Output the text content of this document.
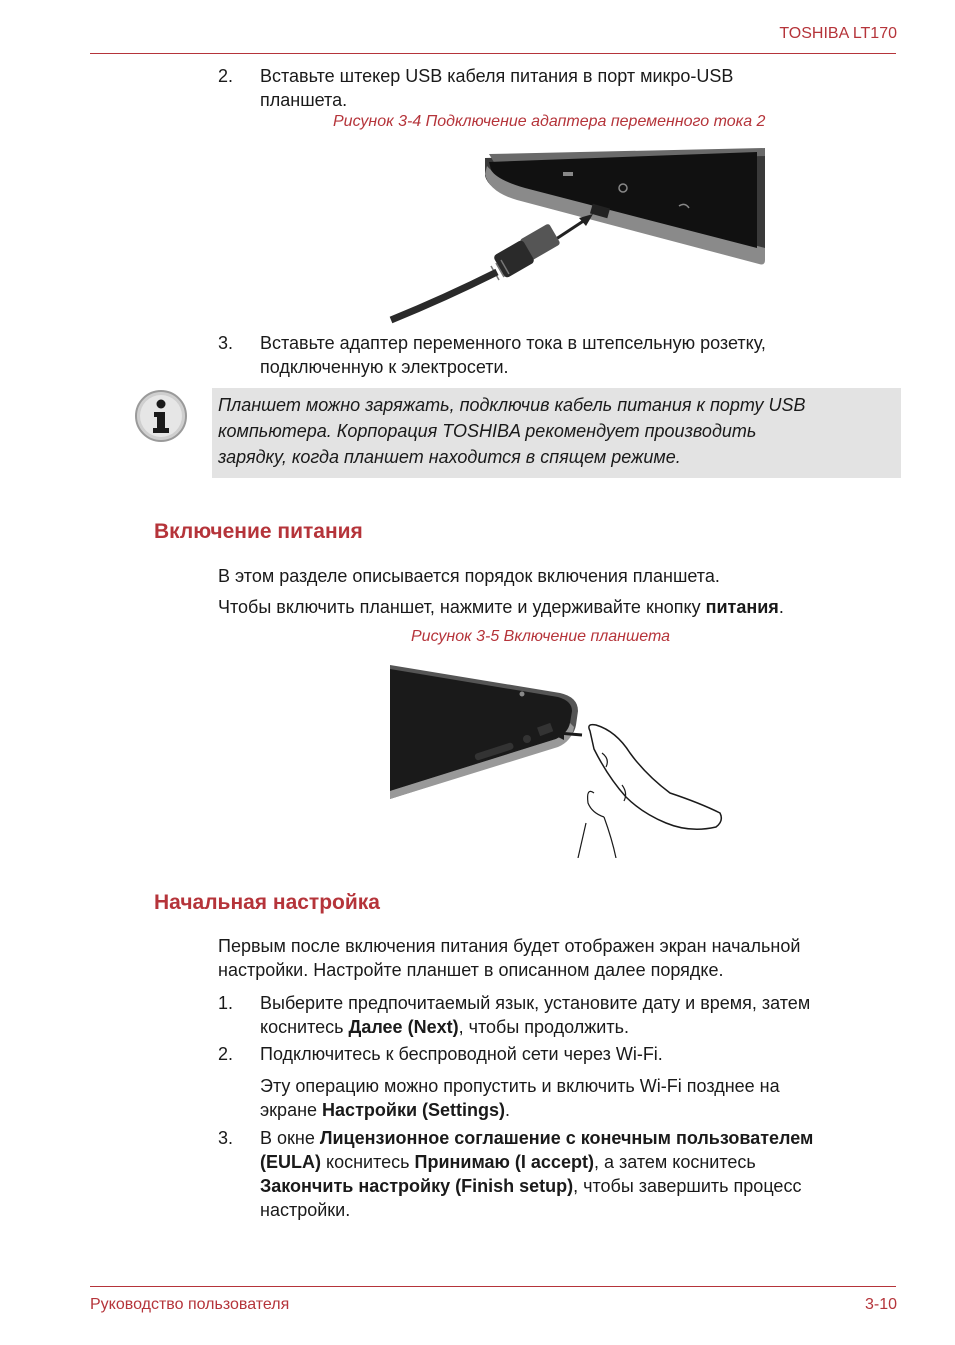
TOSHIBA LT170
2. Вставьте штекер USB кабеля питания в порт микро-USB
планшета.
Рисунок 3-4 Подключение адаптера переменного тока 2
3. Вставьте адаптер переменного тока в штепсельную розетку,
подключенную к электросети.
Планшет можно заряжать, подключив кабель питания к порту USB
компьютера. Корпорация TOSHIBA рекомендует производить
зарядку, когда планшет находится в спящем режиме.
Включение питания
В этом разделе описывается порядок включения планшета.
Чтобы включить планшет, нажмите и удерживайте кнопку питания.
Рисунок 3-5 Включение планшета
Начальная настройка
Первым после включения питания будет отображен экран начальной
настройки. Настройте планшет в описанном далее порядке.
1. Выберите предпочитаемый язык, установите дату и время, затем
коснитесь Далее (Next), чтобы продолжить.
2. Подключитесь к беспроводной сети через Wi-Fi.
Эту операцию можно пропустить и включить Wi-Fi позднее на
экране Настройки (Settings).
3. В окне Лицензионное соглашение с конечным пользователем
(EULA) коснитесь Принимаю (I accept), а затем коснитесь
Закончить настройку (Finish setup), чтобы завершить процесс
настройки.
Руководство пользователя	3-10
